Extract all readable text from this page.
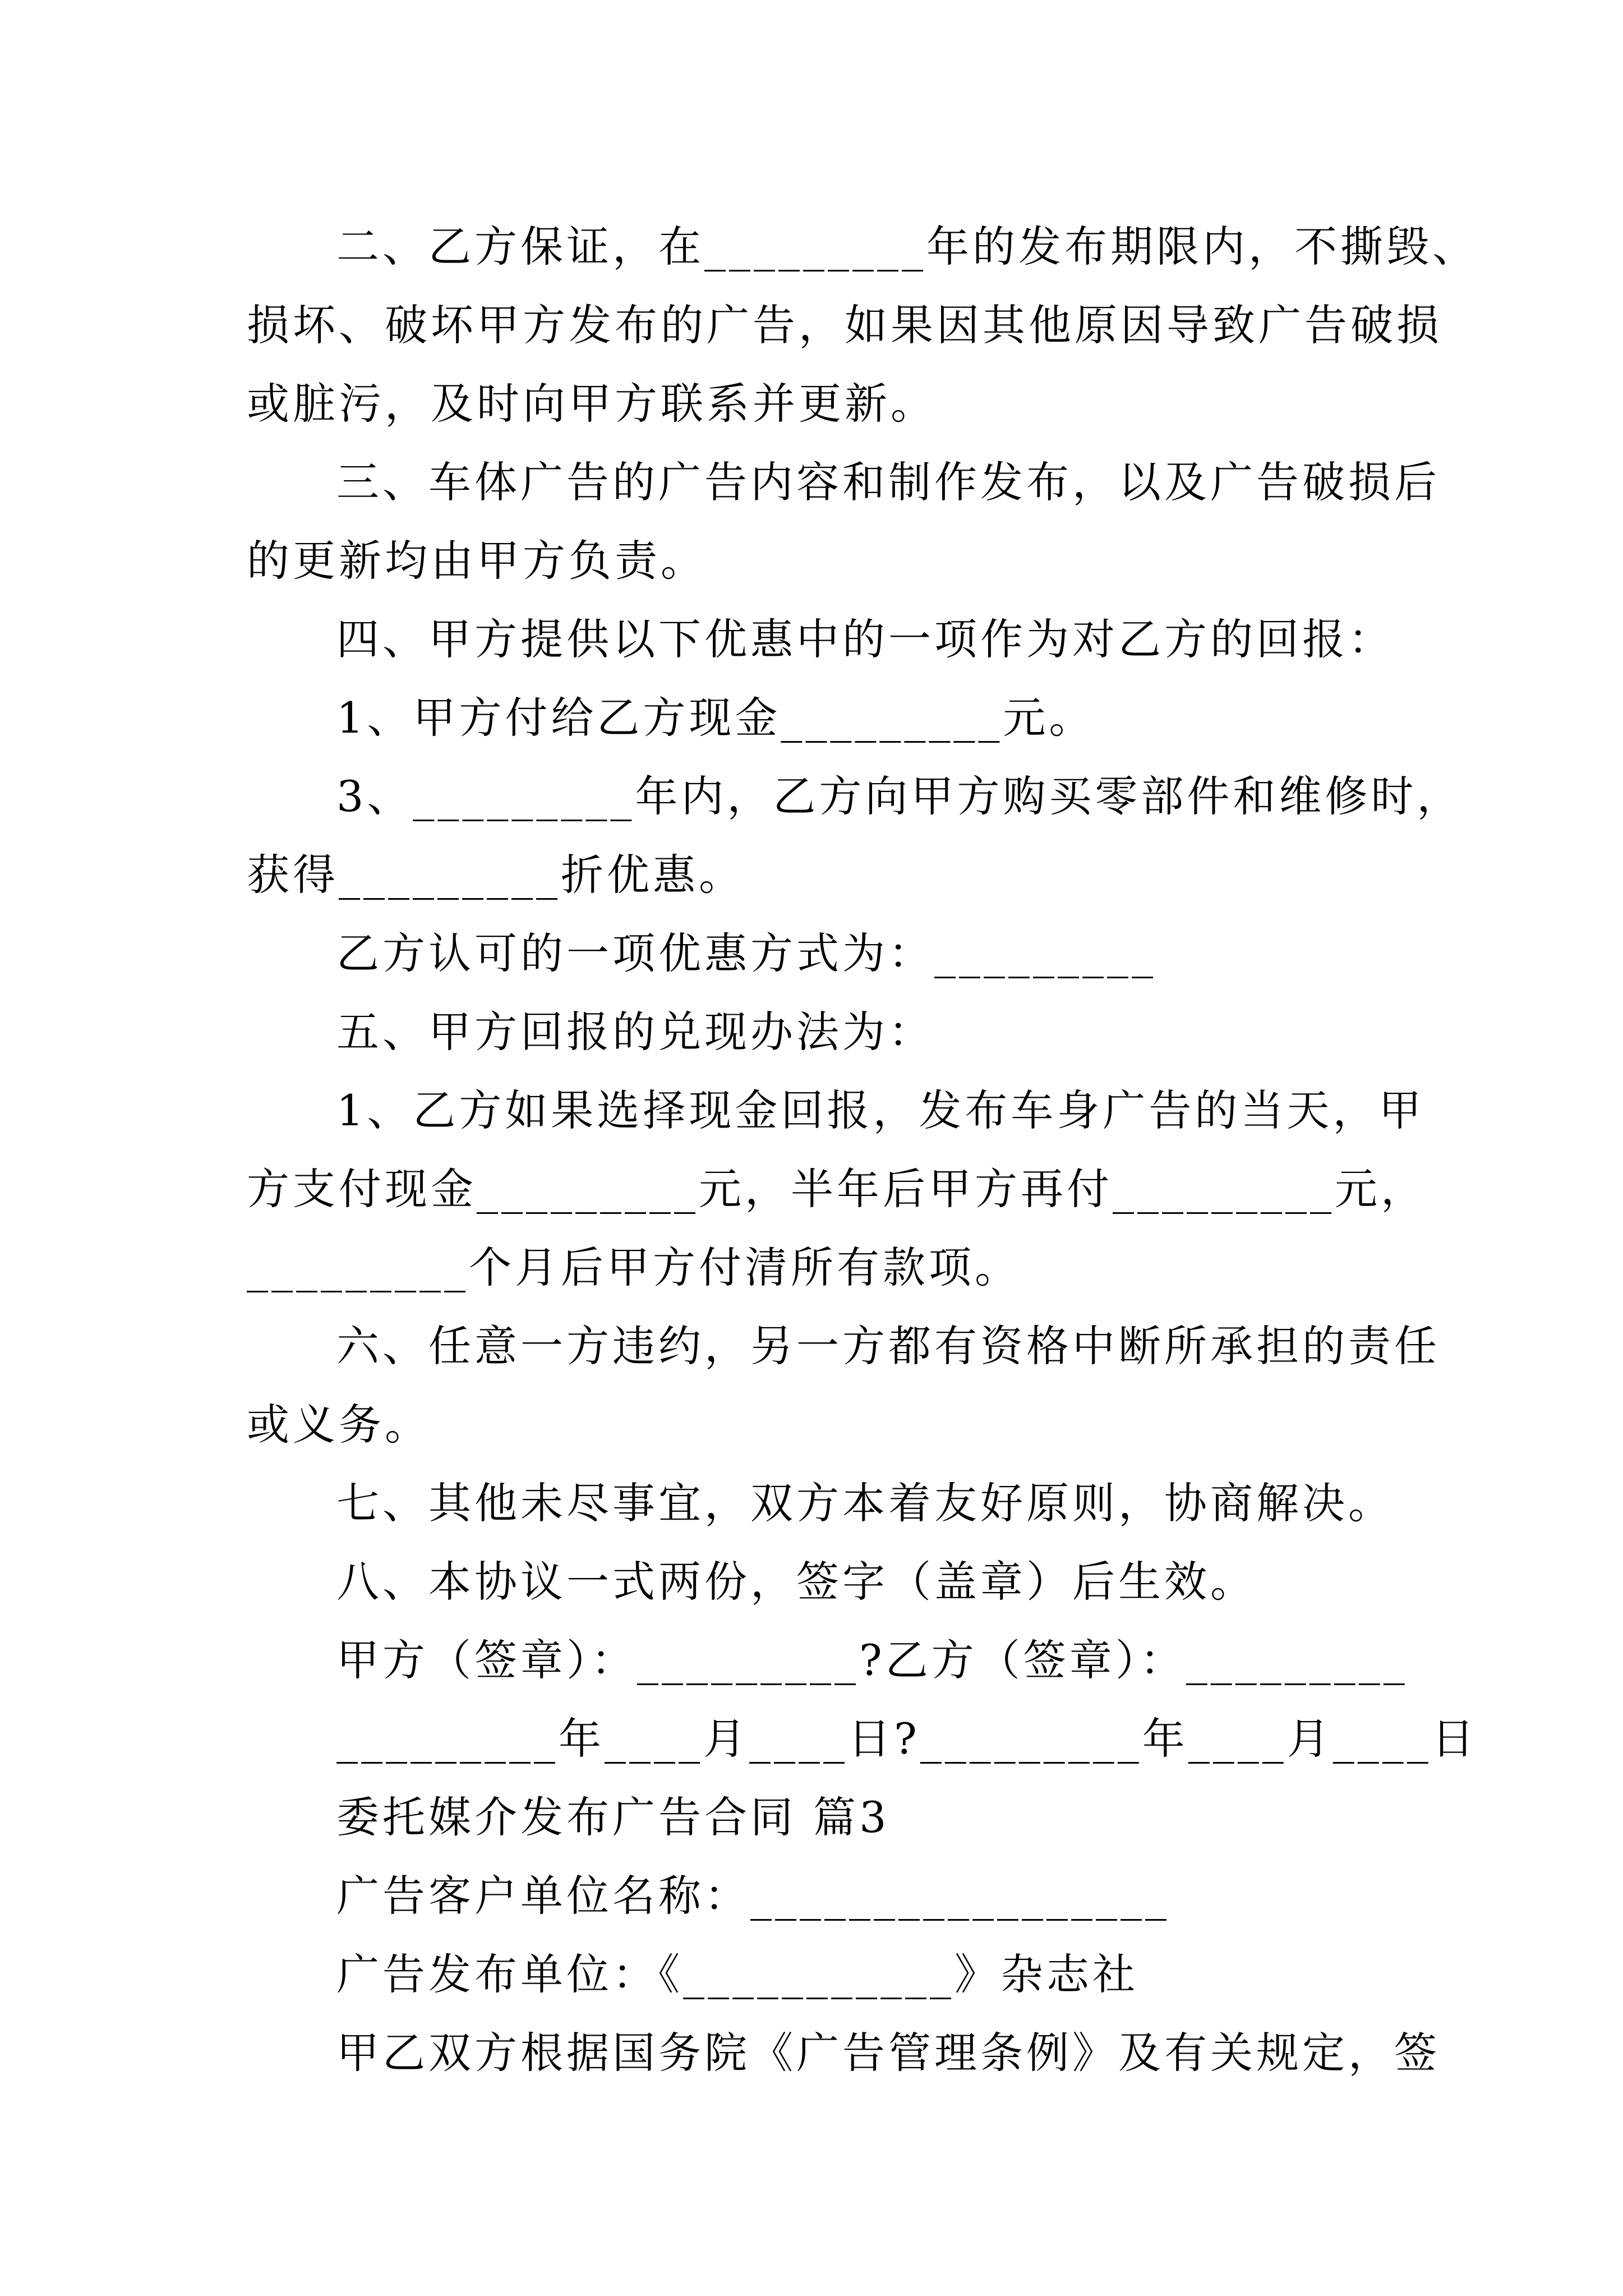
二、乙方保证，在_________年的发布期限内，不撕毁、
损坏、破坏甲方发布的广告，如果因其他原因导致广告破损
或脏污，及时向甲方联系并更新。
三、车体广告的广告内容和制作发布，以及广告破损后
的更新均由甲方负责。
四、甲方提供以下优惠中的一项作为对乙方的回报：
1、甲方付给乙方现金_________元。
3、_________年内，乙方向甲方购买零部件和维修时，
获得_________折优惠。
乙方认可的一项优惠方式为：_________
五、甲方回报的兑现办法为：
1、乙方如果选择现金回报，发布车身广告的当天，甲
方支付现金_________元，半年后甲方再付_________元，
_________个月后甲方付清所有款项。
六、任意一方违约，另一方都有资格中断所承担的责任
或义务。
七、其他未尽事宜，双方本着友好原则，协商解决。
八、本协议一式两份，签字（盖章）后生效。
甲方（签章）：_________?乙方（签章）：_________
_________年____月____日?_________年____月____日
委托媒介发布广告合同 篇3
广告客户单位名称：_________________
广告发布单位：《___________》杂志社
甲乙双方根据国务院《广告管理条例》及有关规定，签
